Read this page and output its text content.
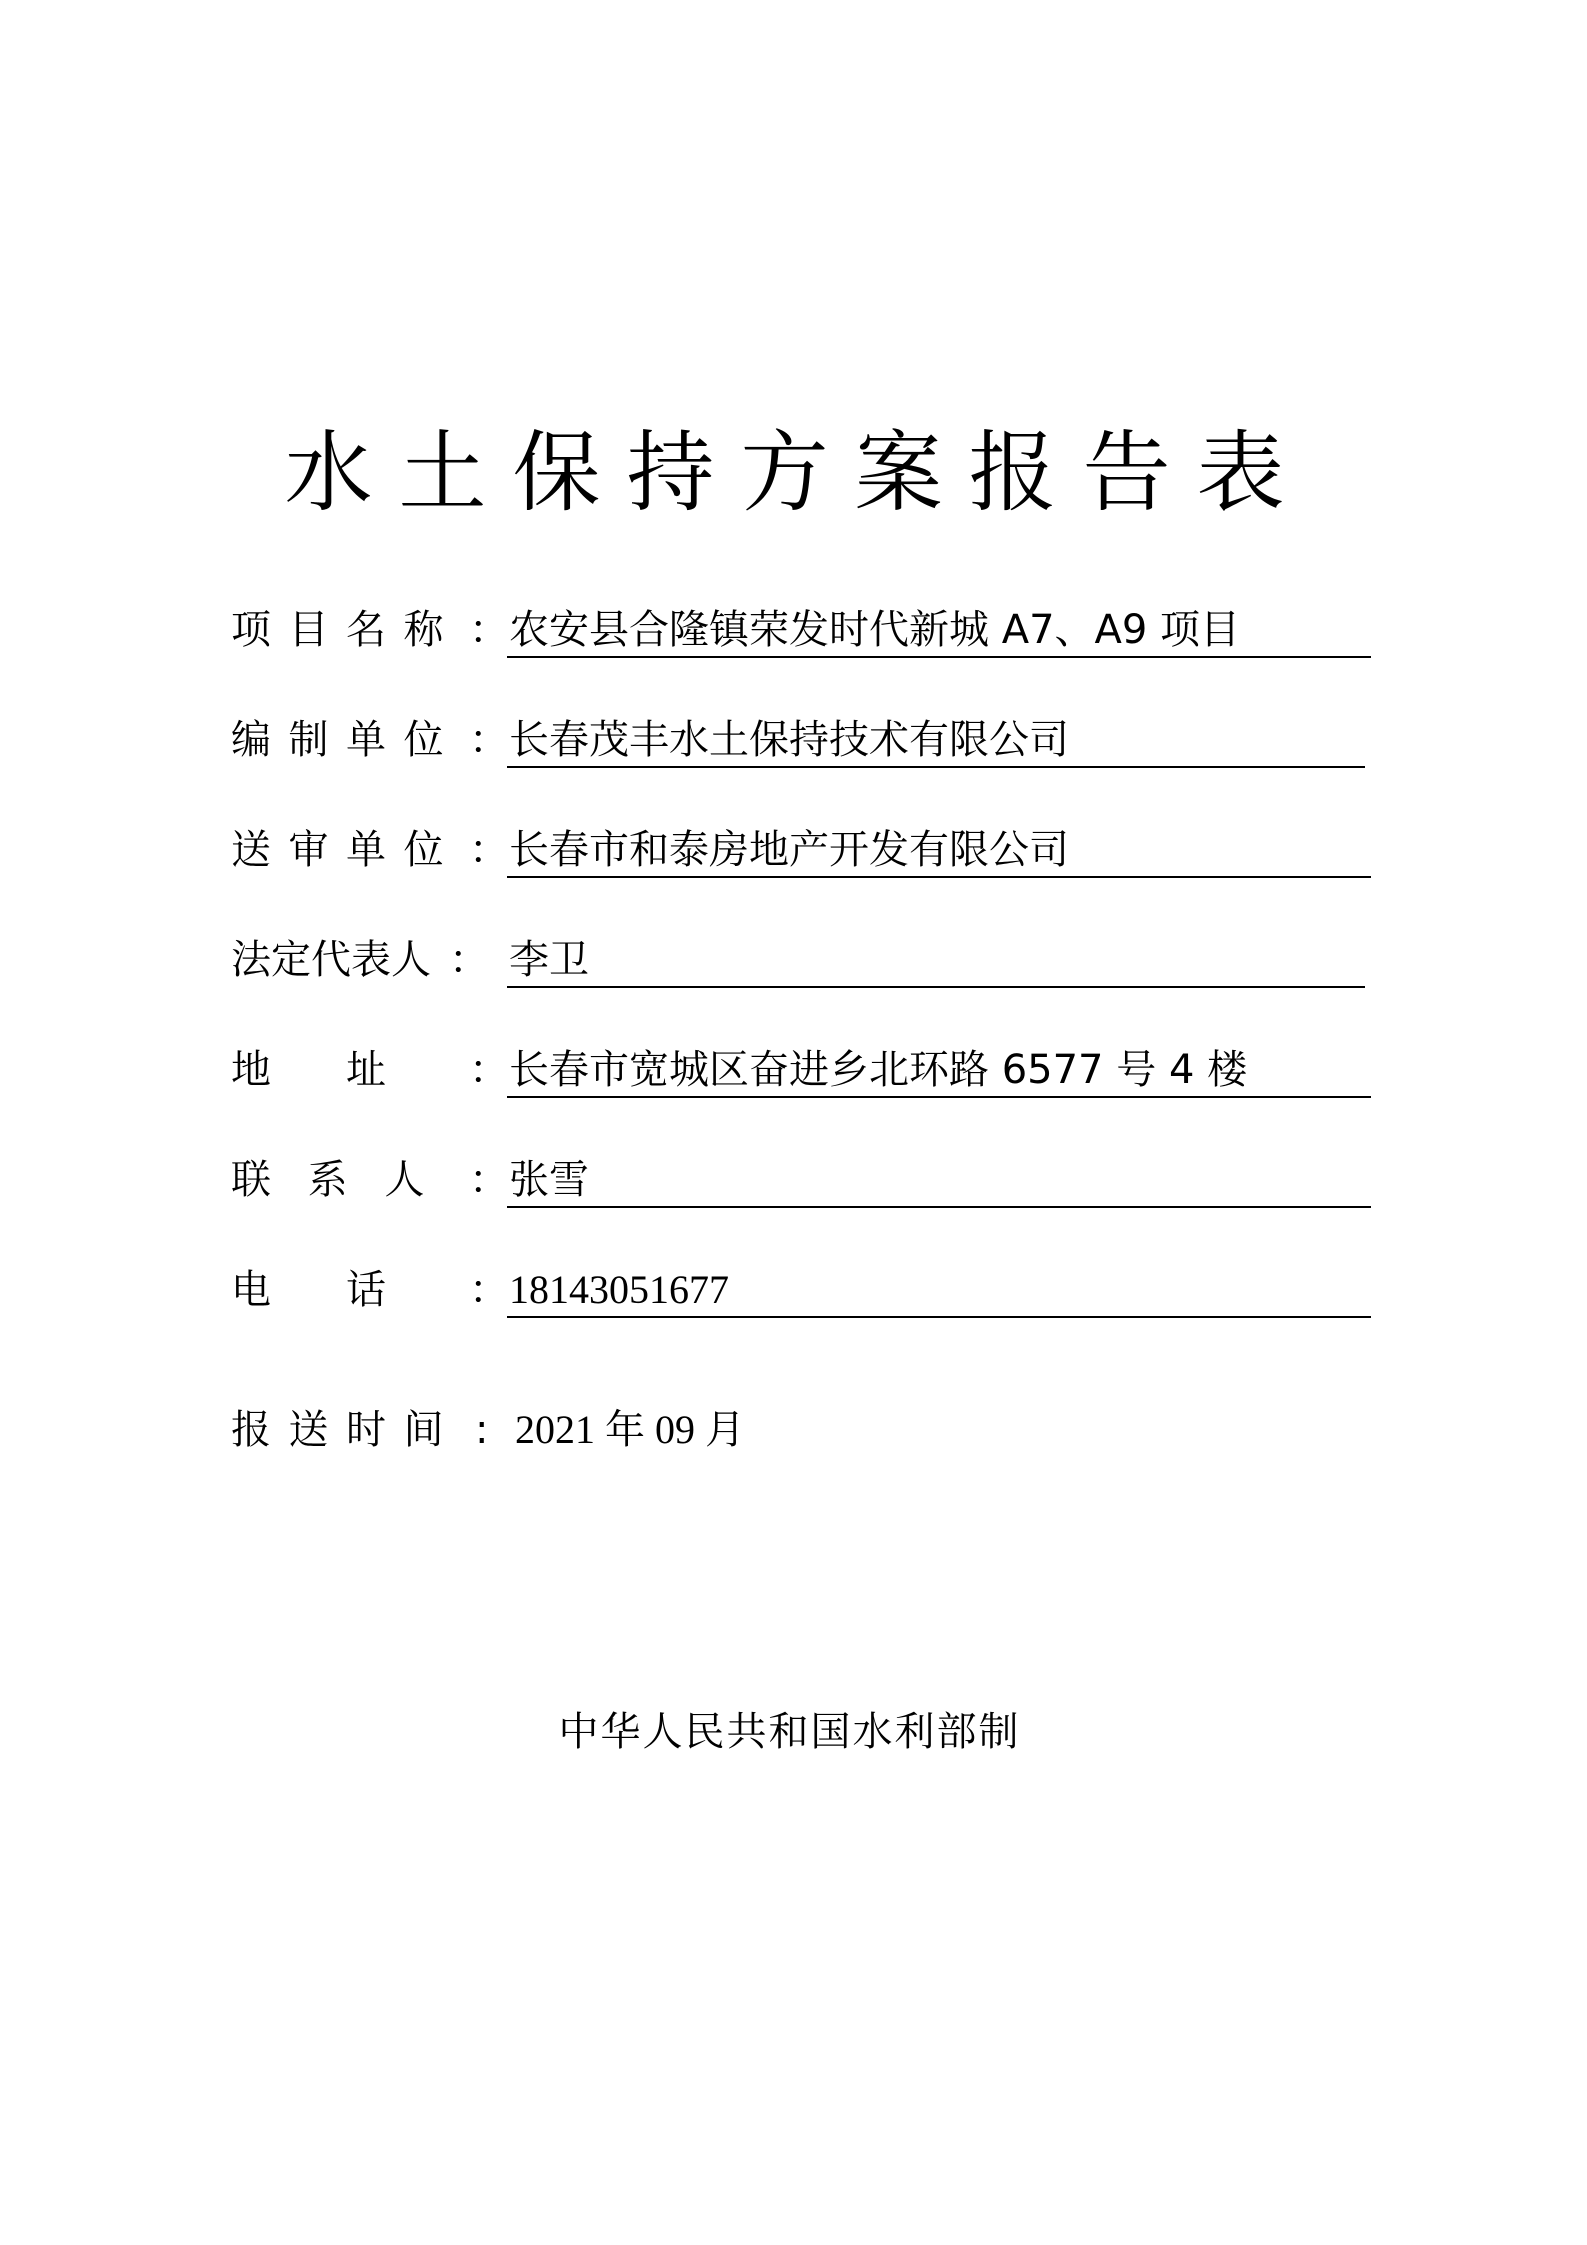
水土保持方案报告表
项 目 名 称 ： 农安县合隆镇荣发时代新城 A7、A9 项目
编 制 单 位 ： 长春茂丰水土保持技术有限公司
送 审 单 位 ： 长春市和泰房地产开发有限公司
法定代表人 ： 李卫
地 址 ： 长春市宽城区奋进乡北环路 6577 号 4 楼
联 系 人 ： 张雪
电 话 ： 18143051677
报 送 时 间 : 2021 年 09 月
中华人民共和国水利部制
